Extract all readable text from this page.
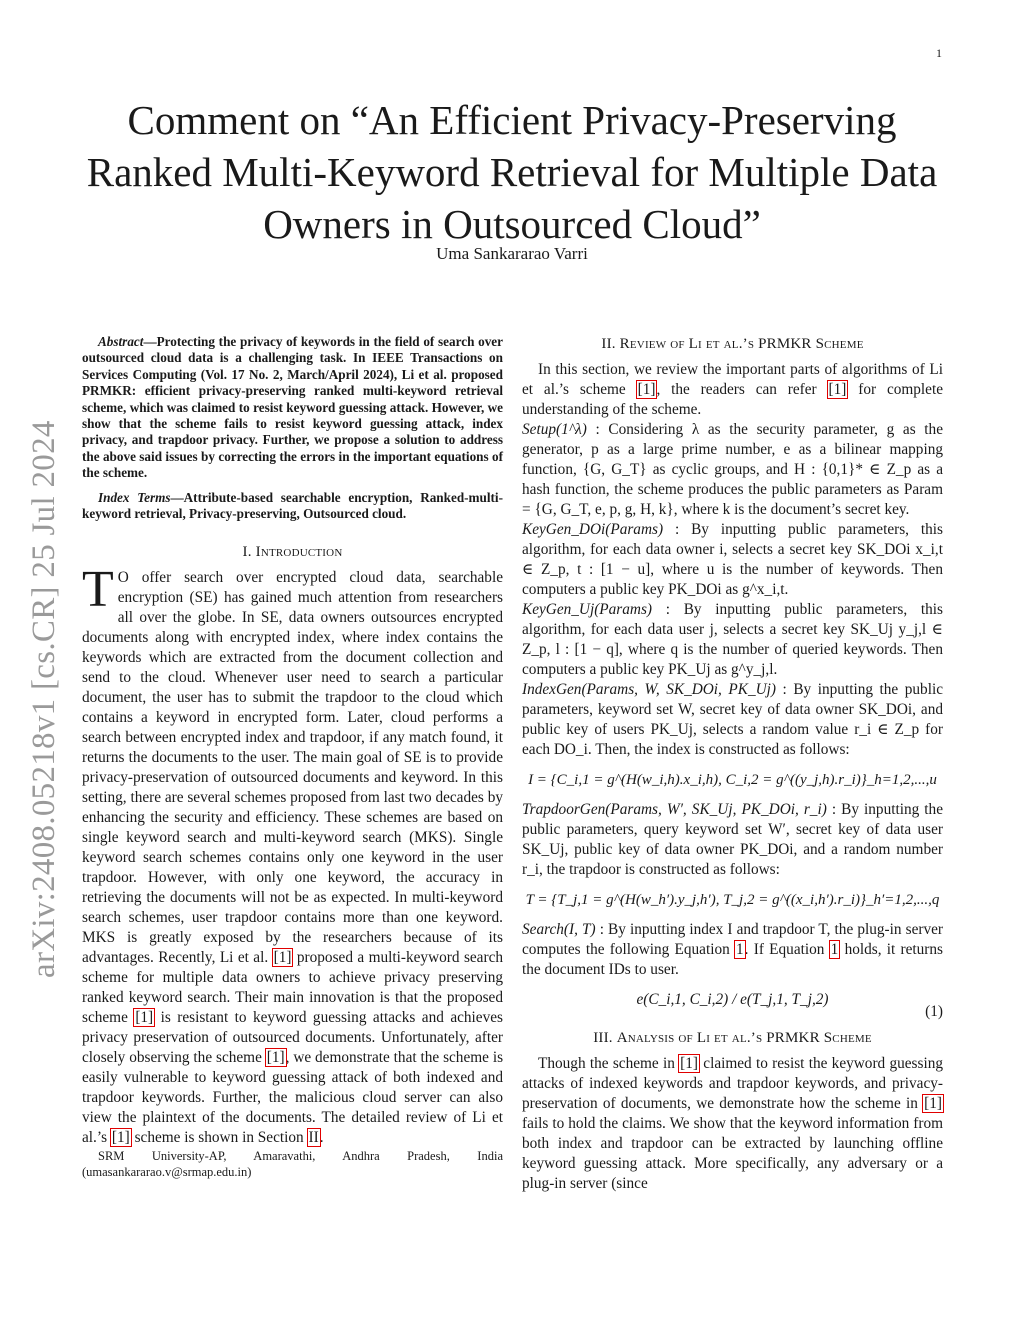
1
arXiv:2408.05218v1 [cs.CR] 25 Jul 2024
Comment on “An Efficient Privacy-Preserving Ranked Multi-Keyword Retrieval for Multiple Data Owners in Outsourced Cloud”
Uma Sankararao Varri

Abstract—Protecting the privacy of keywords in the field of search over outsourced cloud data is a challenging task. In IEEE Transactions on Services Computing (Vol. 17 No. 2, March/April 2024), Li et al. proposed PRMKR: efficient privacy-preserving ranked multi-keyword retrieval scheme, which was claimed to resist keyword guessing attack. However, we show that the scheme fails to resist keyword guessing attack, index privacy, and trapdoor privacy. Further, we propose a solution to address the above said issues by correcting the errors in the important equations of the scheme.

Index Terms—Attribute-based searchable encryption, Ranked-multi-keyword retrieval, Privacy-preserving, Outsourced cloud.

I. Introduction

T O offer search over encrypted cloud data, searchable encryption (SE) has gained much attention from researchers all over the globe. In SE, data owners outsources encrypted documents along with encrypted index, where index contains the keywords which are extracted from the document collection and send to the cloud. Whenever user need to search a particular document, the user has to submit the trapdoor to the cloud which contains a keyword in encrypted form. Later, cloud performs a search between encrypted index and trapdoor, if any match found, it returns the documents to the user. The main goal of SE is to provide privacy-preservation of outsourced documents and keyword. In this setting, there are several schemes proposed from last two decades by enhancing the security and efficiency. These schemes are based on single keyword search and multi-keyword search (MKS). Single keyword search schemes contains only one keyword in the user trapdoor. However, with only one keyword, the accuracy in retrieving the documents will not be as expected. In multi-keyword search schemes, user trapdoor contains more than one keyword. MKS is greatly exposed by the researchers because of its advantages. Recently, Li et al. [1] proposed a multi-keyword search scheme for multiple data owners to achieve privacy preserving ranked keyword search. Their main innovation is that the proposed scheme [1] is resistant to keyword guessing attacks and achieves privacy preservation of outsourced documents. Unfortunately, after closely observing the scheme [1], we demonstrate that the scheme is easily vulnerable to keyword guessing attack of both indexed and trapdoor keywords. Further, the malicious cloud server can also view the plaintext of the documents. The detailed review of Li et al.’s [1] scheme is shown in Section II.

SRM University-AP, Amaravathi, Andhra Pradesh, India (umasankararao.v@srmap.edu.in)

II. Review of Li et al.’s PRMKR Scheme

In this section, we review the important parts of algorithms of Li et al.’s scheme [1], the readers can refer [1] for complete understanding of the scheme.

Setup(1^λ) : Considering λ as the security parameter, g as the generator, p as a large prime number, e as a bilinear mapping function, {G, G_T} as cyclic groups, and H : {0,1}* ∈ Z_p as a hash function, the scheme produces the public parameters as Param = {G, G_T, e, p, g, H, k}, where k is the document’s secret key.

KeyGen_DOi(Params) : By inputting public parameters, this algorithm, for each data owner i, selects a secret key SK_DOi x_i,t ∈ Z_p, t : [1 − u], where u is the number of keywords. Then computers a public key PK_DOi as g^x_i,t.

KeyGen_Uj(Params) : By inputting public parameters, this algorithm, for each data user j, selects a secret key SK_Uj y_j,l ∈ Z_p, l : [1 − q], where q is the number of queried keywords. Then computers a public key PK_Uj as g^y_j,l.

IndexGen(Params, W, SK_DOi, PK_Uj) : By inputting the public parameters, keyword set W, secret key of data owner SK_DOi, and public key of users PK_Uj, selects a random value r_i ∈ Z_p for each DO_i. Then, the index is constructed as follows:

I = {C_i,1 = g^(H(w_i,h).x_i,h), C_i,2 = g^((y_j,h).r_i)}_h=1,2,...,u

TrapdoorGen(Params, W′, SK_Uj, PK_DOi, r_i) : By inputting the public parameters, query keyword set W′, secret key of data user SK_Uj, public key of data owner PK_DOi, and a random number r_i, the trapdoor is constructed as follows:

T = {T_j,1 = g^(H(w_h′).y_j,h′), T_j,2 = g^((x_i,h′).r_i)}_h′=1,2,...,q

Search(I, T) : By inputting index I and trapdoor T, the plug-in server computes the following Equation 1. If Equation 1 holds, it returns the document IDs to user.

e(C_i,1, C_i,2) / e(T_j,1, T_j,2)
(1)
III. Analysis of Li et al.’s PRMKR Scheme

Though the scheme in [1] claimed to resist the keyword guessing attacks of indexed keywords and trapdoor keywords, and privacy-preservation of documents, we demonstrate how the scheme in [1] fails to hold the claims. We show that the keyword information from both index and trapdoor can be extracted by launching offline keyword guessing attack. More specifically, any adversary or a plug-in server (since
